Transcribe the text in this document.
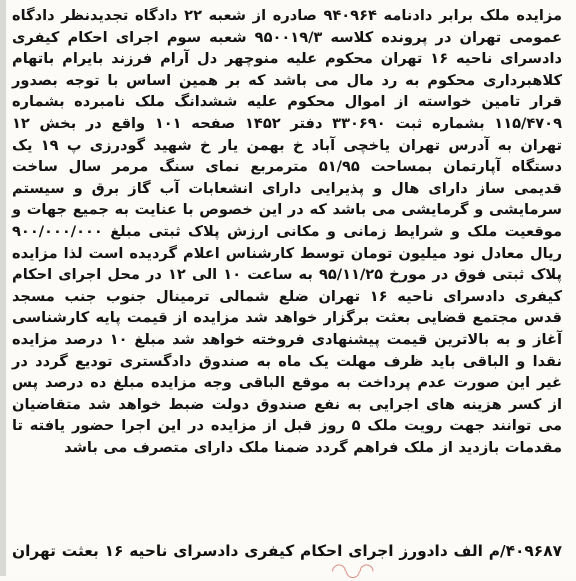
مزایده ملک برابر دادنامه ۹۴۰۹۶۴ صادره از شعبه ۲۲ دادگاه تجدیدنظر دادگاه عمومی تهران در پرونده کلاسه ۹۵۰۰۱۹/۳ شعبه سوم اجرای احکام کیفری دادسرای ناحیه ۱۶ تهران محکوم علیه منوچهر دل آرام فرزند بایرام باتهام کلاهبرداری محکوم به رد مال می باشد که بر همین اساس با توجه بصدور قرار تامین خواسته از اموال محکوم علیه ششدانگ ملک نامبرده بشماره ۱۱۵/۴۷۰۹ بشماره ثبت ۳۳۰۶۹۰ دفتر ۱۴۵۲ صفحه ۱۰۱ واقع در بخش ۱۲ تهران به آدرس تهران یاخچی آباد خ بهمن یار خ شهید گودرزی پ ۱۹ یک دستگاه آپارتمان بمساحت ۵۱/۹۵ مترمربع نمای سنگ مرمر سال ساخت قدیمی ساز دارای هال و پذیرایی دارای انشعابات آب گاز برق و سیستم سرمایشی و گرمایشی می باشد که در این خصوص با عنایت به جمیع جهات و موقعیت ملک و شرایط زمانی و مکانی ارزش پلاک ثبتی مبلغ ۹۰۰/۰۰۰/۰۰۰ ریال معادل نود میلیون تومان توسط کارشناس اعلام گردیده است لذا مزایده پلاک ثبتی فوق در مورخ ۹۵/۱۱/۲۵ به ساعت ۱۰ الی ۱۲ در محل اجرای احکام کیفری دادسرای ناحیه ۱۶ تهران ضلع شمالی ترمینال جنوب جنب مسجد قدس مجتمع قضایی بعثت برگزار خواهد شد مزایده از قیمت پایه کارشناسی آغاز و به بالاترین قیمت پیشنهادی فروخته خواهد شد مبلغ ۱۰ درصد مزایده نقدا و الباقی باید ظرف مهلت یک ماه به صندوق دادگستری تودیع گردد در غیر این صورت عدم پرداخت به موقع الباقی وجه مزایده مبلغ ده درصد پس از کسر هزینه های اجرایی به نفع صندوق دولت ضبط خواهد شد متقاضیان می توانند جهت رویت ملک ۵ روز قبل از مزایده در این اجرا حضور یافته تا مقدمات بازدید از ملک فراهم گردد ضمنا ملک دارای متصرف می باشد

۴۰۹۶۸۷/م الف دادورز اجرای احکام کیفری دادسرای ناحیه ۱۶ بعثت تهران

◠◡◠
